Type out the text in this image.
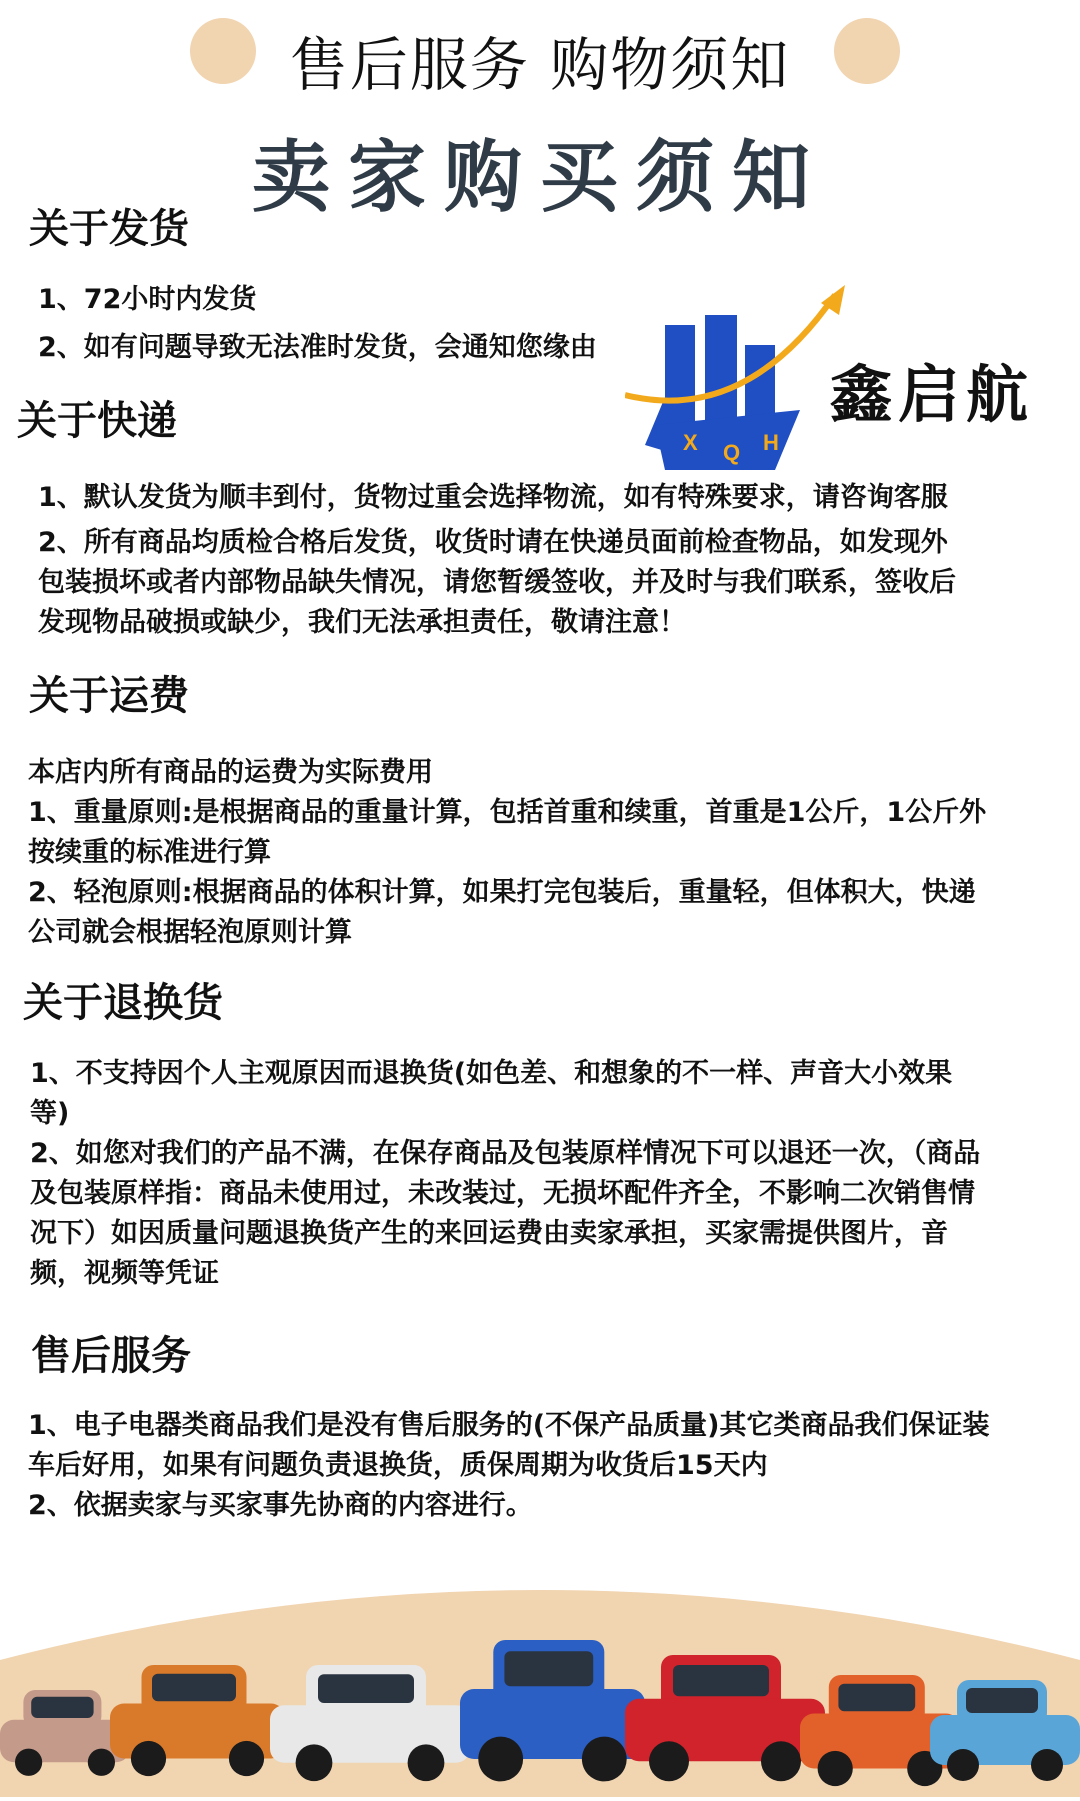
售后服务 购物须知
卖家购买须知
关于发货
1、72小时内发货
2、如有问题导致无法准时发货，会通知您缘由
X Q H
鑫启航
关于快递
1、默认发货为顺丰到付，货物过重会选择物流，如有特殊要求，请咨询客服
2、所有商品均质检合格后发货，收货时请在快递员面前检查物品，如发现外
包装损坏或者内部物品缺失情况，请您暂缓签收，并及时与我们联系，签收后
发现物品破损或缺少，我们无法承担责任，敬请注意！
关于运费
本店内所有商品的运费为实际费用
1、重量原则:是根据商品的重量计算，包括首重和续重，首重是1公斤，1公斤外
按续重的标准进行算
2、轻泡原则:根据商品的体积计算，如果打完包装后，重量轻，但体积大，快递
公司就会根据轻泡原则计算
关于退换货
1、不支持因个人主观原因而退换货(如色差、和想象的不一样、声音大小效果
等)
2、如您对我们的产品不满，在保存商品及包装原样情况下可以退还一次，（商品
及包装原样指：商品未使用过，未改装过，无损坏配件齐全，不影响二次销售情
况下）如因质量问题退换货产生的来回运费由卖家承担，买家需提供图片，音
频，视频等凭证
售后服务
1、电子电器类商品我们是没有售后服务的(不保产品质量)其它类商品我们保证装
车后好用，如果有问题负责退换货，质保周期为收货后15天内
2、依据卖家与买家事先协商的内容进行。
